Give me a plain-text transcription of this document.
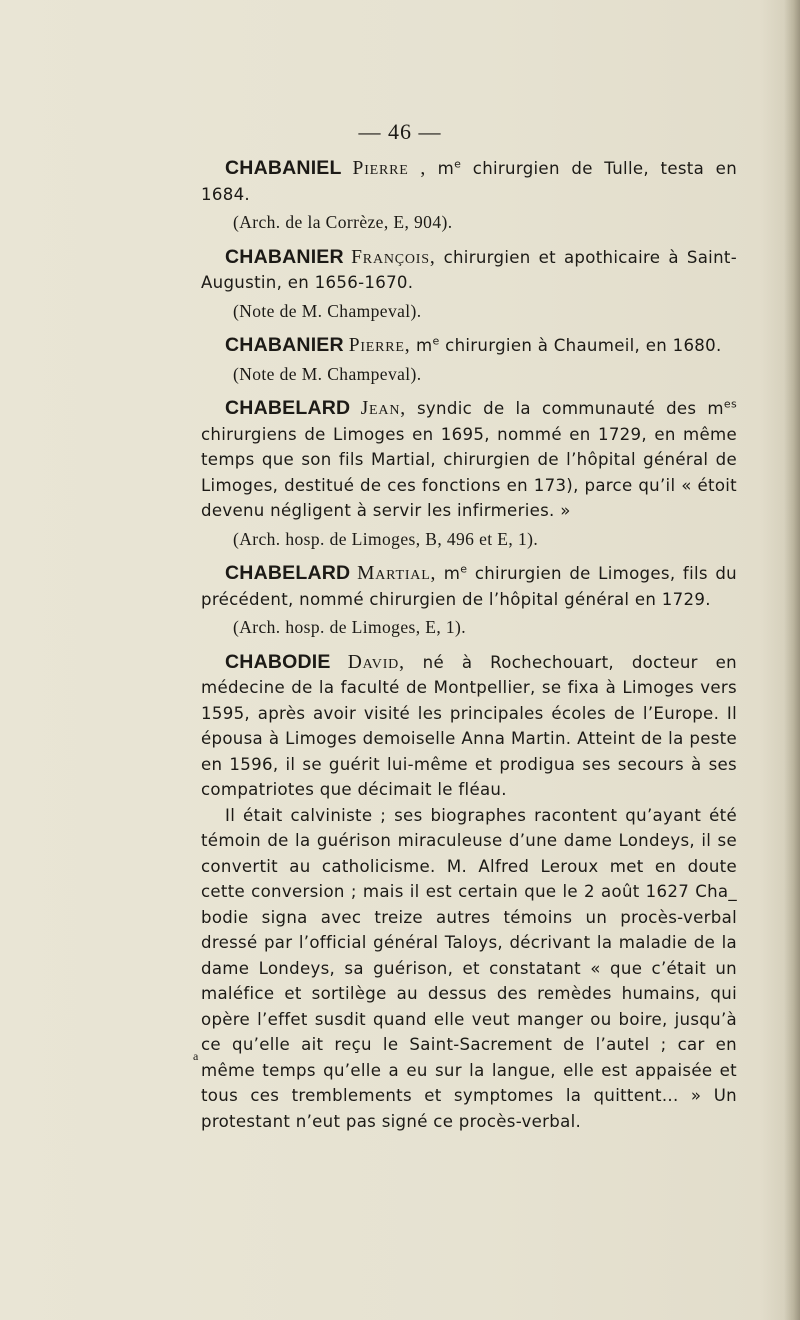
— 46 —

CHABANIEL Pierre , $m^e$ chirurgien de Tulle, testa en 1684.

(Arch. de la Corrèze, E, 904).

CHABANIER François, chirurgien et apothicaire à Saint-Augustin, en 1656-1670.

(Note de M. Champeval).

CHABANIER Pierre, $m^e$ chirurgien à Chaumeil, en 1680.

(Note de M. Champeval).

CHABELARD Jean, syndic de la communauté des $m^{es}$ chirurgiens de Limoges en 1695, nommé en 1729, en même temps que son fils Martial, chirurgien de l’hôpital général de Limoges, destitué de ces fonctions en 173), parce qu’il « étoit devenu négligent à servir les infirmeries. »

(Arch. hosp. de Limoges, B, 496 et E, 1).

CHABELARD Martial, $m^e$ chirurgien de Limoges, fils du précédent, nommé chirurgien de l’hôpital général en 1729.

(Arch. hosp. de Limoges, E, 1).

CHABODIE David, né à Rochechouart, docteur en médecine de la faculté de Montpellier, se fixa à Limoges vers 1595, après avoir visité les principales écoles de l’Europe. Il épousa à Limoges demoiselle Anna Martin. Atteint de la peste en 1596, il se guérit lui-même et prodigua ses secours à ses compatriotes que décimait le fléau.

Il était calviniste ; ses biographes racontent qu’ayant été témoin de la guérison miraculeuse d’une dame Londeys, il se convertit au catholicisme. M. Alfred Leroux met en doute cette conversion ; mais il est certain que le 2 août 1627 Cha_ bodie signa avec treize autres témoins un procès-verbal dressé par l’official général Taloys, décrivant la maladie de la dame Londeys, sa guérison, et constatant « que c’était un maléfice et sortilège au dessus des remèdes humains, qui opère l’effet susdit quand elle veut manger ou boire, jusqu’à ce qu’elle ait reçu le Saint-Sacrement de l’autel ; car en même temps qu’elle a eu sur la langue, elle est appaisée et tous ces tremblements et symptomes la quittent... » Un protestant n’eut pas signé ce procès-verbal.

a
